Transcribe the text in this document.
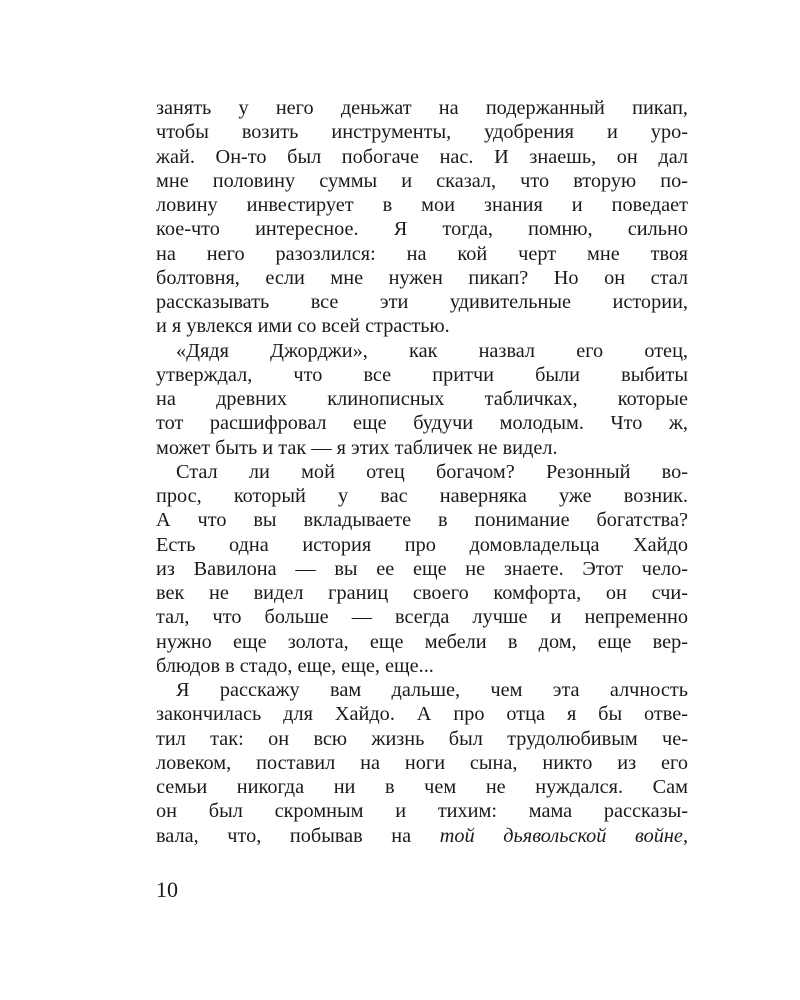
занять у него деньжат на подержанный пикап,
чтобы возить инструменты, удобрения и уро-
жай. Он-то был побогаче нас. И знаешь, он дал
мне половину суммы и сказал, что вторую по-
ловину инвестирует в мои знания и поведает
кое-что интересное. Я тогда, помню, сильно
на него разозлился: на кой черт мне твоя
болтовня, если мне нужен пикап? Но он стал
рассказывать все эти удивительные истории,
и я увлекся ими со всей страстью.
«Дядя Джорджи», как назвал его отец,
утверждал, что все притчи были выбиты
на древних клинописных табличках, которые
тот расшифровал еще будучи молодым. Что ж,
может быть и так — я этих табличек не видел.
Стал ли мой отец богачом? Резонный во-
прос, который у вас наверняка уже возник.
А что вы вкладываете в понимание богатства?
Есть одна история про домовладельца Хайдо
из Вавилона — вы ее еще не знаете. Этот чело-
век не видел границ своего комфорта, он счи-
тал, что больше — всегда лучше и непременно
нужно еще золота, еще мебели в дом, еще вер-
блюдов в стадо, еще, еще, еще...
Я расскажу вам дальше, чем эта алчность
закончилась для Хайдо. А про отца я бы отве-
тил так: он всю жизнь был трудолюбивым че-
ловеком, поставил на ноги сына, никто из его
семьи никогда ни в чем не нуждался. Сам
он был скромным и тихим: мама рассказы-
вала, что, побывав на той дьявольской войне,
10
